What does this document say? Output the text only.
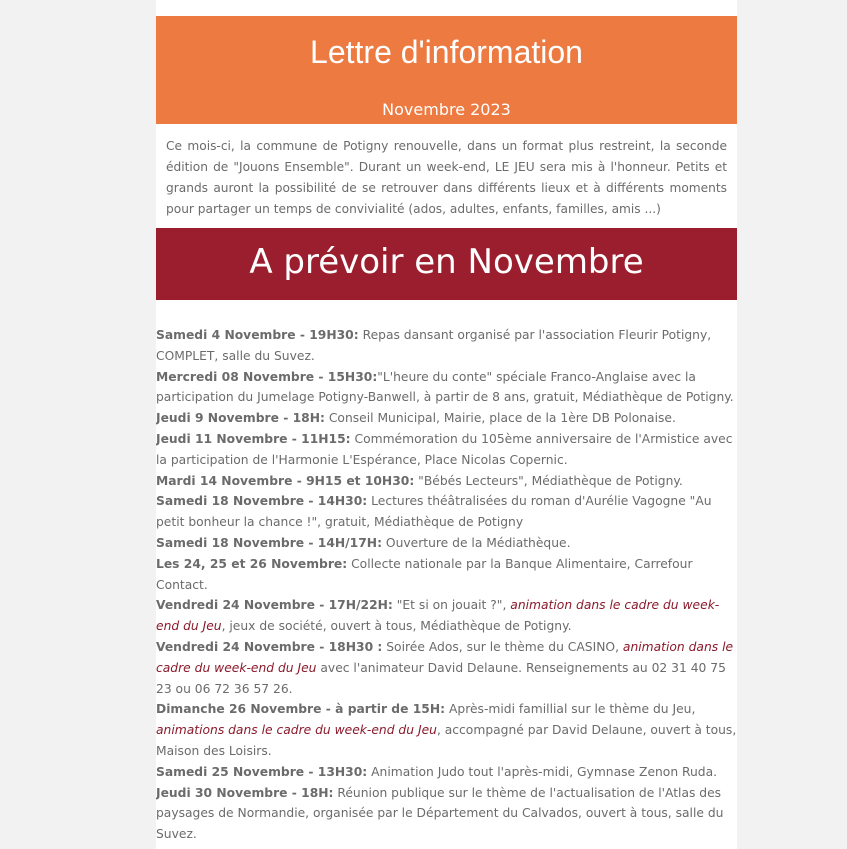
Lettre d'information
Novembre 2023
Ce mois-ci, la commune de Potigny renouvelle, dans un format plus restreint, la seconde édition de "Jouons Ensemble". Durant un week-end, LE JEU sera mis à l'honneur. Petits et grands auront la possibilité de se retrouver dans différents lieux et à différents moments pour partager un temps de convivialité (ados, adultes, enfants, familles, amis ...)
A prévoir en Novembre

Samedi 4 Novembre - 19H30: Repas dansant organisé par l'association Fleurir Potigny, COMPLET, salle du Suvez.

Mercredi 08 Novembre - 15H30:"L'heure du conte" spéciale Franco-Anglaise avec la participation du Jumelage Potigny-Banwell, à partir de 8 ans, gratuit, Médiathèque de Potigny.

Jeudi 9 Novembre - 18H: Conseil Municipal, Mairie, place de la 1ère DB Polonaise.

Jeudi 11 Novembre - 11H15: Commémoration du 105ème anniversaire de l'Armistice avec la participation de l'Harmonie L'Espérance, Place Nicolas Copernic.

Mardi 14 Novembre - 9H15 et 10H30: "Bébés Lecteurs", Médiathèque de Potigny.

Samedi 18 Novembre - 14H30: Lectures théâtralisées du roman d'Aurélie Vagogne "Au petit bonheur la chance !", gratuit, Médiathèque de Potigny

Samedi 18 Novembre - 14H/17H: Ouverture de la Médiathèque.

Les 24, 25 et 26 Novembre: Collecte nationale par la Banque Alimentaire, Carrefour Contact.

Vendredi 24 Novembre - 17H/22H: "Et si on jouait ?", animation dans le cadre du week-end du Jeu, jeux de société, ouvert à tous, Médiathèque de Potigny.

Vendredi 24 Novembre - 18H30 : Soirée Ados, sur le thème du CASINO, animation dans le cadre du week-end du Jeu avec l'animateur David Delaune. Renseignements au 02 31 40 75 23 ou 06 72 36 57 26.

Dimanche 26 Novembre - à partir de 15H: Après-midi famillial sur le thème du Jeu, animations dans le cadre du week-end du Jeu, accompagné par David Delaune, ouvert à tous, Maison des Loisirs.

Samedi 25 Novembre - 13H30: Animation Judo tout l'après-midi, Gymnase Zenon Ruda.

Jeudi 30 Novembre - 18H: Réunion publique sur le thème de l'actualisation de l'Atlas des paysages de Normandie, organisée par le Département du Calvados, ouvert à tous, salle du Suvez.
